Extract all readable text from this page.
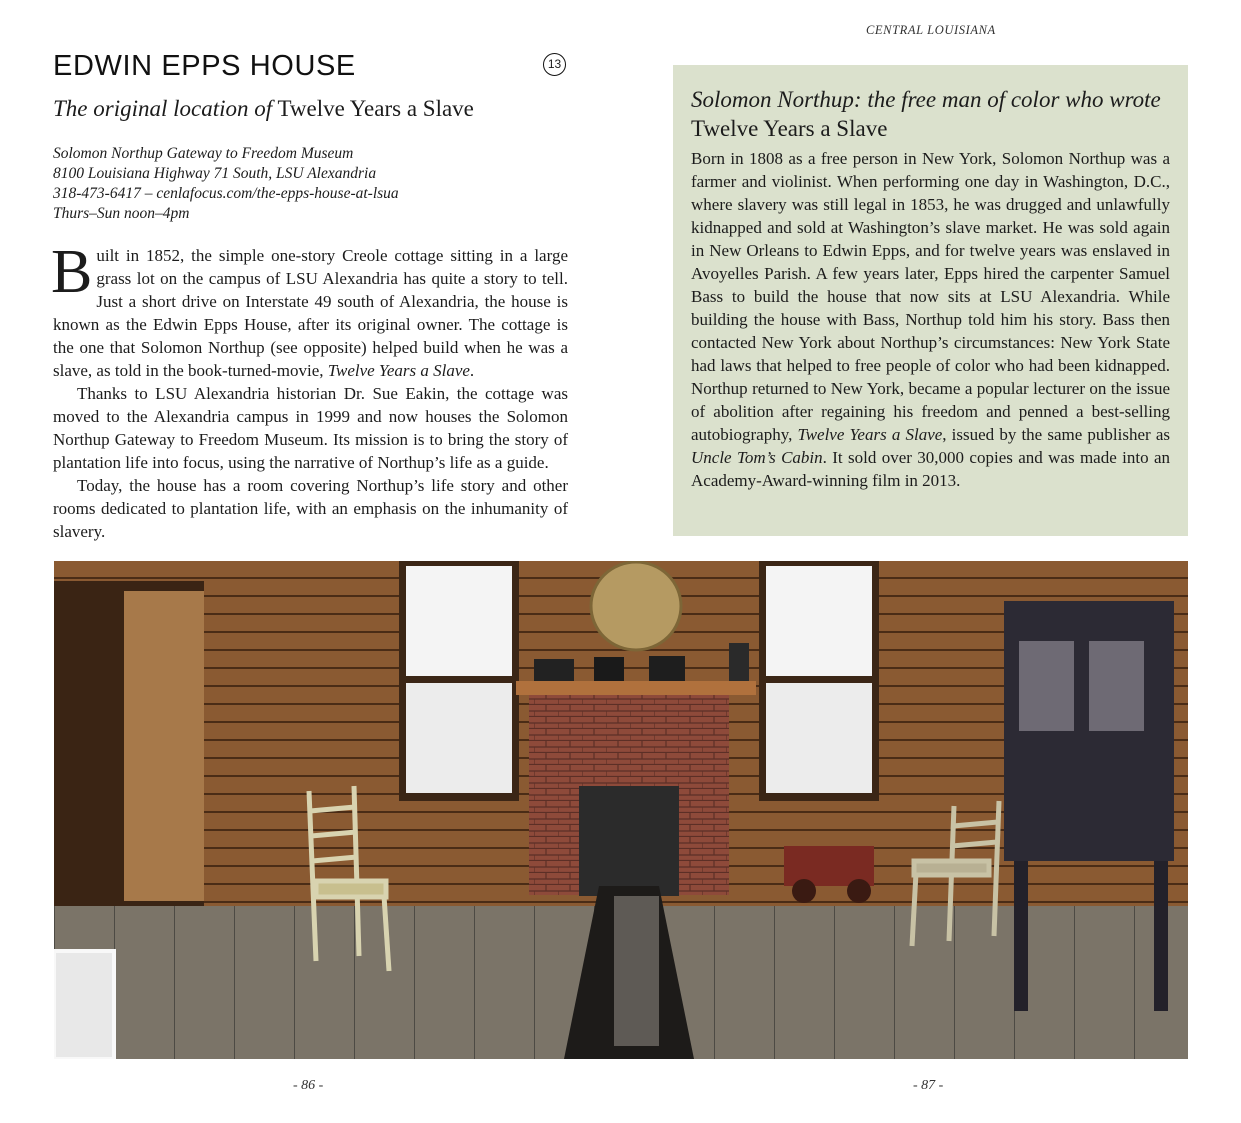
CENTRAL LOUISIANA
EDWIN EPPS HOUSE	13
The original location of Twelve Years a Slave
Solomon Northup Gateway to Freedom Museum
8100 Louisiana Highway 71 South, LSU Alexandria
318-473-6417 – cenlafocus.com/the-epps-house-at-lsua
Thurs–Sun noon–4pm

Built in 1852, the simple one-story Creole cottage sitting in a large grass lot on the campus of LSU Alexandria has quite a story to tell. Just a short drive on Interstate 49 south of Alexandria, the house is known as the Edwin Epps House, after its original owner. The cottage is the one that Solomon Northup (see opposite) helped build when he was a slave, as told in the book-turned-movie, Twelve Years a Slave.

Thanks to LSU Alexandria historian Dr. Sue Eakin, the cottage was moved to the Alexandria campus in 1999 and now houses the Solomon Northup Gateway to Freedom Museum. Its mission is to bring the story of plantation life into focus, using the narrative of Northup’s life as a guide.

Today, the house has a room covering Northup’s life story and other rooms dedicated to plantation life, with an emphasis on the inhumanity of slavery.

Solomon Northup: the free man of color who wrote Twelve Years a Slave

Born in 1808 as a free person in New York, Solomon Northup was a farmer and violinist. When performing one day in Washington, D.C., where slavery was still legal in 1853, he was drugged and unlawfully kidnapped and sold at Washington’s slave market. He was sold again in New Orleans to Edwin Epps, and for twelve years was enslaved in Avoyelles Parish. A few years later, Epps hired the carpenter Samuel Bass to build the house that now sits at LSU Alexandria. While building the house with Bass, Northup told him his story. Bass then contacted New York about Northup’s circumstances: New York State had laws that helped to free people of color who had been kidnapped. Northup returned to New York, became a popular lecturer on the issue of abolition after regaining his freedom and penned a best-selling autobiography, Twelve Years a Slave, issued by the same publisher as Uncle Tom’s Cabin. It sold over 30,000 copies and was made into an Academy-Award-winning film in 2013.

- 86 -	- 87 -
